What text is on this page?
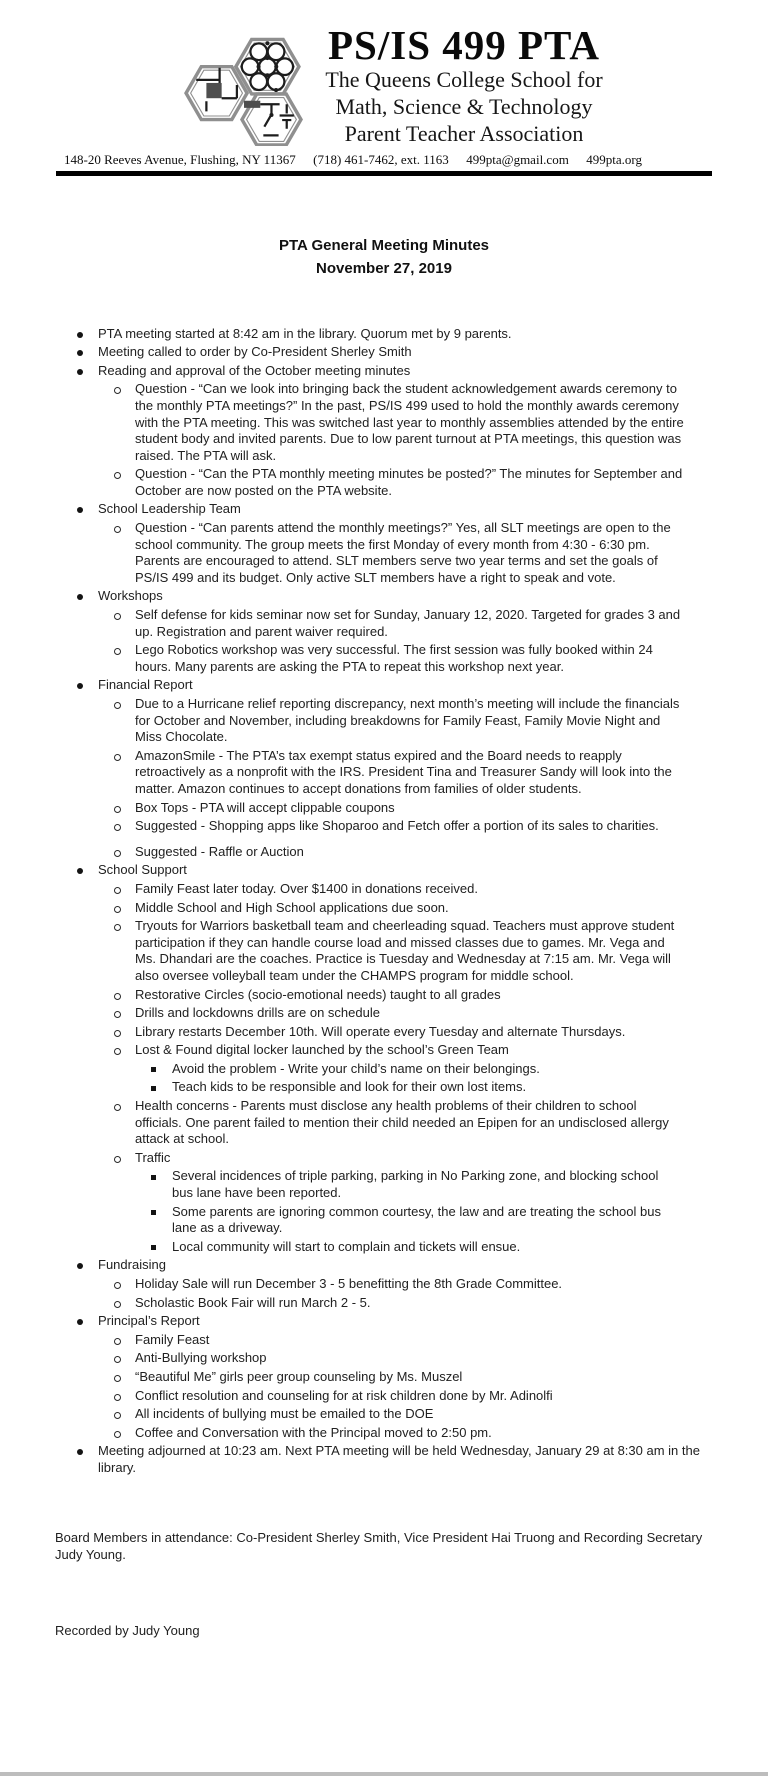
PS/IS 499 PTA
The Queens College School for
Math, Science & Technology
Parent Teacher Association
148-20 Reeves Avenue, Flushing, NY 11367 (718) 461-7462, ext. 1163 499pta@gmail.com 499pta.org
PTA General Meeting Minutes
November 27, 2019
PTA meeting started at 8:42 am in the library. Quorum met by 9 parents.
Meeting called to order by Co-President Sherley Smith
Reading and approval of the October meeting minutes
Question - “Can we look into bringing back the student acknowledgement awards ceremony to the monthly PTA meetings?” In the past, PS/IS 499 used to hold the monthly awards ceremony with the PTA meeting. This was switched last year to monthly assemblies attended by the entire student body and invited parents. Due to low parent turnout at PTA meetings, this question was raised. The PTA will ask.
Question - “Can the PTA monthly meeting minutes be posted?” The minutes for September and October are now posted on the PTA website.
School Leadership Team
Question - “Can parents attend the monthly meetings?” Yes, all SLT meetings are open to the school community. The group meets the first Monday of every month from 4:30 - 6:30 pm. Parents are encouraged to attend. SLT members serve two year terms and set the goals of PS/IS 499 and its budget. Only active SLT members have a right to speak and vote.
Workshops
Self defense for kids seminar now set for Sunday, January 12, 2020. Targeted for grades 3 and up. Registration and parent waiver required.
Lego Robotics workshop was very successful. The first session was fully booked within 24 hours. Many parents are asking the PTA to repeat this workshop next year.
Financial Report
Due to a Hurricane relief reporting discrepancy, next month’s meeting will include the financials for October and November, including breakdowns for Family Feast, Family Movie Night and Miss Chocolate.
AmazonSmile - The PTA’s tax exempt status expired and the Board needs to reapply retroactively as a nonprofit with the IRS. President Tina and Treasurer Sandy will look into the matter. Amazon continues to accept donations from families of older students.
Box Tops - PTA will accept clippable coupons
Suggested - Shopping apps like Shoparoo and Fetch offer a portion of its sales to charities.
Suggested - Raffle or Auction
School Support
Family Feast later today. Over $1400 in donations received.
Middle School and High School applications due soon.
Tryouts for Warriors basketball team and cheerleading squad. Teachers must approve student participation if they can handle course load and missed classes due to games. Mr. Vega and Ms. Dhandari are the coaches. Practice is Tuesday and Wednesday at 7:15 am. Mr. Vega will also oversee volleyball team under the CHAMPS program for middle school.
Restorative Circles (socio-emotional needs) taught to all grades
Drills and lockdowns drills are on schedule
Library restarts December 10th. Will operate every Tuesday and alternate Thursdays.
Lost & Found digital locker launched by the school’s Green Team
Avoid the problem - Write your child’s name on their belongings.
Teach kids to be responsible and look for their own lost items.
Health concerns - Parents must disclose any health problems of their children to school officials. One parent failed to mention their child needed an Epipen for an undisclosed allergy attack at school.
Traffic
Several incidences of triple parking, parking in No Parking zone, and blocking school bus lane have been reported.
Some parents are ignoring common courtesy, the law and are treating the school bus lane as a driveway.
Local community will start to complain and tickets will ensue.
Fundraising
Holiday Sale will run December 3 - 5 benefitting the 8th Grade Committee.
Scholastic Book Fair will run March 2 - 5.
Principal’s Report
Family Feast
Anti-Bullying workshop
“Beautiful Me” girls peer group counseling by Ms. Muszel
Conflict resolution and counseling for at risk children done by Mr. Adinolfi
All incidents of bullying must be emailed to the DOE
Coffee and Conversation with the Principal moved to 2:50 pm.
Meeting adjourned at 10:23 am. Next PTA meeting will be held Wednesday, January 29 at 8:30 am in the library.
Board Members in attendance: Co-President Sherley Smith, Vice President Hai Truong and Recording Secretary Judy Young.
Recorded by Judy Young
